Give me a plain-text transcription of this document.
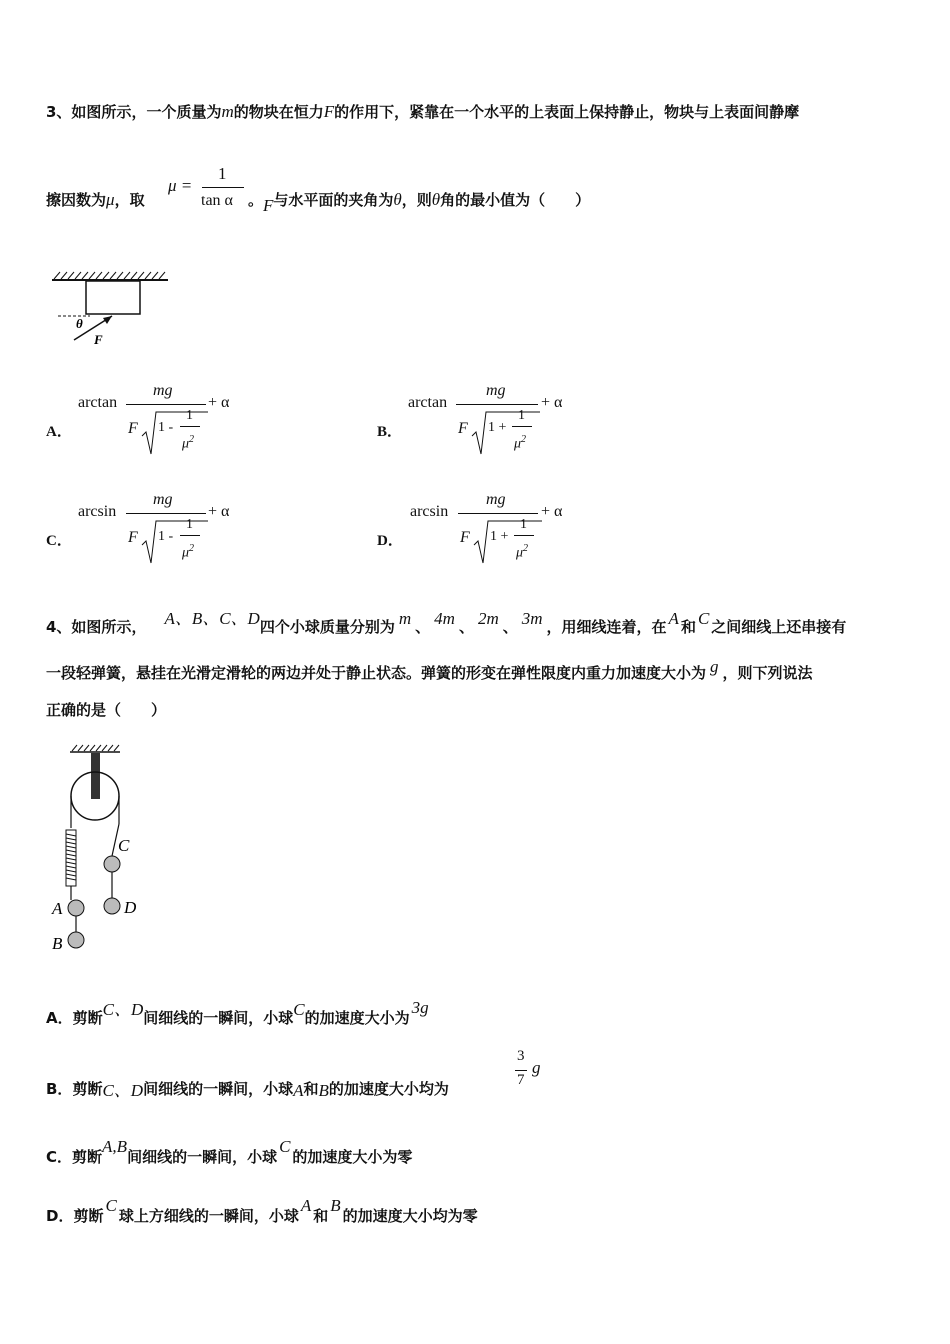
3、如图所示，一个质量为m的物块在恒力F的作用下，紧靠在一个水平的上表面上保持静止，物块与上表面间静摩
擦因数为μ，取
μ =
1
tan α 。F与水平面的夹角为θ，则θ角的最小值为（　　）
θ
F
A．
arctan
mg
F 1 -
1
$\mu^2$
+ α
B．
arctan
mg
F 1 +
1
$\mu^2$
+ α
C．
arcsin
mg
F 1 -
1
$\mu^2$
+ α
D．
arcsin
mg
F 1 +
1
$\mu^2$
+ α
4、如图所示， A、B、C、D四个小球质量分别为 m 、 4m 、 2m 、 3m ，用细线连着，在 A 和 C 之间细线上还串接有
一段轻弹簧，悬挂在光滑定滑轮的两边并处于静止状态。弹簧的形变在弹性限度内重力加速度大小为 g ，则下列说法
正确的是（　　）
A
B
C
D
A．剪断C、D间细线的一瞬间，小球C的加速度大小为3g
B．剪断C、D间细线的一瞬间，小球A和B的加速度大小均为
3
7
g
C．剪断A,B间细线的一瞬间，小球C的加速度大小为零
D．剪断C球上方细线的一瞬间，小球A和B的加速度大小均为零
